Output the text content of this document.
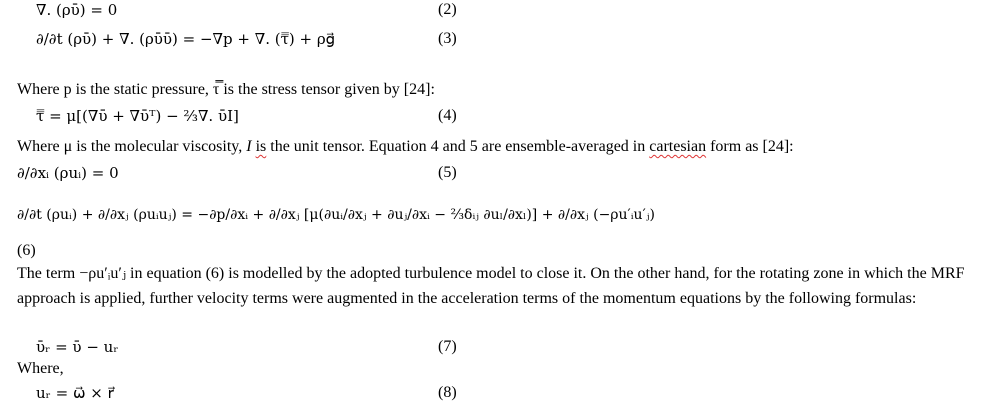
∇. (ρῡ) = 0	(2)
∂/∂t (ρῡ) + ∇. (ρῡῡ) = −∇p + ∇. (τ̿) + ρg⃗	(3)
Where p is the static pressure, τ̿ is the stress tensor given by [24]:
τ̿ = μ[(∇ῡ + ∇ῡᵀ) − ⅔∇. ῡI]	(4)
Where μ is the molecular viscosity, I is the unit tensor. Equation 4 and 5 are ensemble-averaged in cartesian form as [24]:
∂/∂xᵢ (ρuᵢ) = 0	(5)
∂/∂t (ρuᵢ) + ∂/∂xⱼ (ρuᵢuⱼ) = −∂p/∂xᵢ + ∂/∂xⱼ [μ(∂uᵢ/∂xⱼ + ∂uⱼ/∂xᵢ − ⅔δᵢⱼ ∂uₗ/∂xₗ)] + ∂/∂xⱼ (−ρu′ᵢu′ⱼ)
(6)
The term −ρu′ᵢu′ⱼ in equation (6) is modelled by the adopted turbulence model to close it. On the other hand, for the rotating zone in which the MRF approach is applied, further velocity terms were augmented in the acceleration terms of the momentum equations by the following formulas:
ῡᵣ = ῡ − uᵣ	(7)
Where,
uᵣ = ω⃗ × r⃗	(8)
